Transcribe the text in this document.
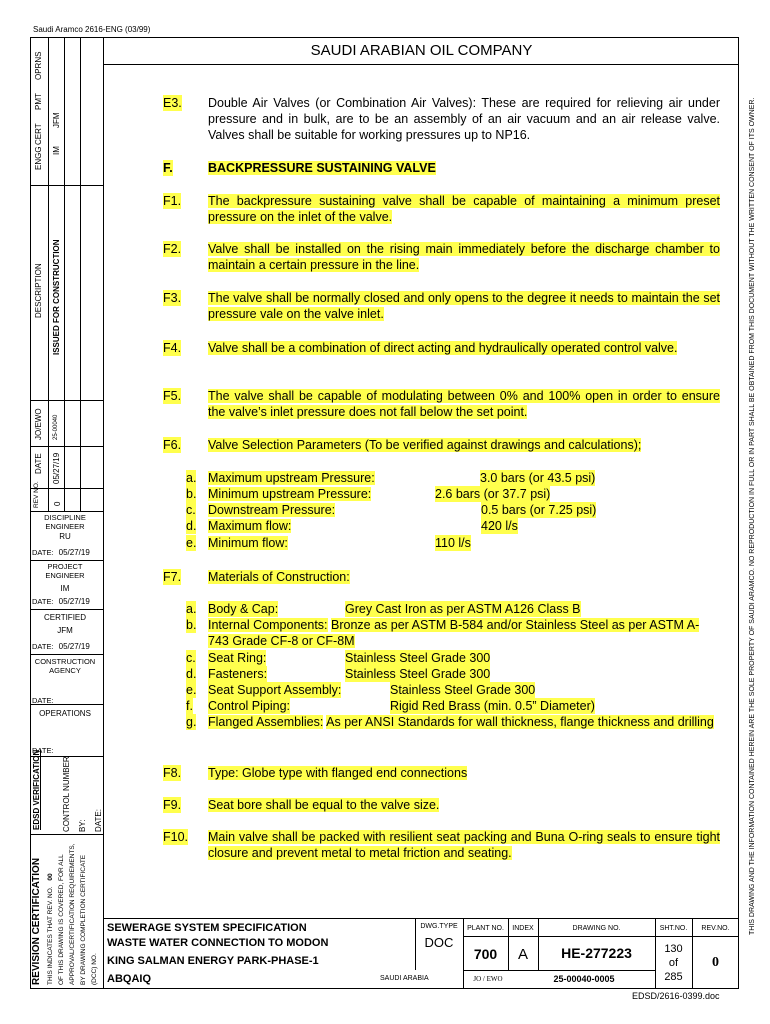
Saudi Aramco 2616-ENG (03/99)
OPRNS
PMT
CERT
ENGG
JFM
IM
DESCRIPTION ISSUED FOR CONSTRUCTION
JO/EWO 25-00040
DATE 05/27/19
REV NO. 0
DISCIPLINE ENGINEER
RU
DATE: 05/27/19
PROJECT ENGINEER
IM
DATE: 05/27/19
CERTIFIED
JFM
DATE: 05/27/19
CONSTRUCTION AGENCY
DATE:
OPERATIONS
DATE:
EDSD VERIFICATION	CONTROL NUMBER BY: DATE:
REVISION CERTIFICATION THIS INDICATES THAT REV. NO. 00 OF THIS DRAWING IS COVERED, FOR ALL APPROVAL/CERTIFICATION REQUIREMENTS, BY DRAWING COMPLETION CERTIFICATE (DCC) NO.
SAUDI ARABIAN OIL COMPANY
E3. Double Air Valves (or Combination Air Valves): These are required for relieving air under pressure and in bulk, are to be an assembly of an air vacuum and an air release valve. Valves shall be suitable for working pressures up to NP16.
F.	BACKPRESSURE SUSTAINING VALVE
F1. The backpressure sustaining valve shall be capable of maintaining a minimum preset pressure on the inlet of the valve.
F2. Valve shall be installed on the rising main immediately before the discharge chamber to maintain a certain pressure in the line.
F3. The valve shall be normally closed and only opens to the degree it needs to maintain the set pressure vale on the valve inlet.
F4. Valve shall be a combination of direct acting and hydraulically operated control valve.
F5. The valve shall be capable of modulating between 0% and 100% open in order to ensure the valve’s inlet pressure does not fall below the set point.
F6. Valve Selection Parameters (To be verified against drawings and calculations);
a. Maximum upstream Pressure:	3.0 bars (or 43.5 psi)
b. Minimum upstream Pressure:	2.6 bars (or 37.7 psi)
c. Downstream Pressure:	0.5 bars (or 7.25 psi)
d. Maximum flow:	420 l/s
e. Minimum flow:	110 l/s
F7. Materials of Construction:
a. Body & Cap:	Grey Cast Iron as per ASTM A126 Class B
b. Internal Components: Bronze as per ASTM B-584 and/or Stainless Steel as per ASTM A-743 Grade CF-8 or CF-8M
c. Seat Ring:	Stainless Steel Grade 300
d. Fasteners:	Stainless Steel Grade 300
e. Seat Support Assembly:	Stainless Steel Grade 300
f. Control Piping:	Rigid Red Brass (min. 0.5” Diameter)
g. Flanged Assemblies: As per ANSI Standards for wall thickness, flange thickness and drilling
F8. Type: Globe type with flanged end connections
F9. Seat bore shall be equal to the valve size.
F10. Main valve shall be packed with resilient seat packing and Buna O-ring seals to ensure tight closure and prevent metal to metal friction and seating.
SEWERAGE SYSTEM SPECIFICATION
WASTE WATER CONNECTION TO MODON
KING SALMAN ENERGY PARK-PHASE-1
ABQAIQ	SAUDI ARABIA
DWG.TYPE
DOC
PLANT NO.
700
INDEX
A
DRAWING NO.
HE-277223
SHT.NO.
130
of
285
REV.NO.
0
JO / EWO	25-00040-0005
EDSD/2616-0399.doc
THIS DRAWING AND THE INFORMATION CONTAINED HEREIN ARE THE SOLE PROPERTY OF SAUDI ARAMCO. NO REPRODUCTION IN FULL OR IN PART SHALL BE OBTAINED FROM THIS DOCUMENT WITHOUT THE WRITTEN CONSENT OF ITS OWNER.
